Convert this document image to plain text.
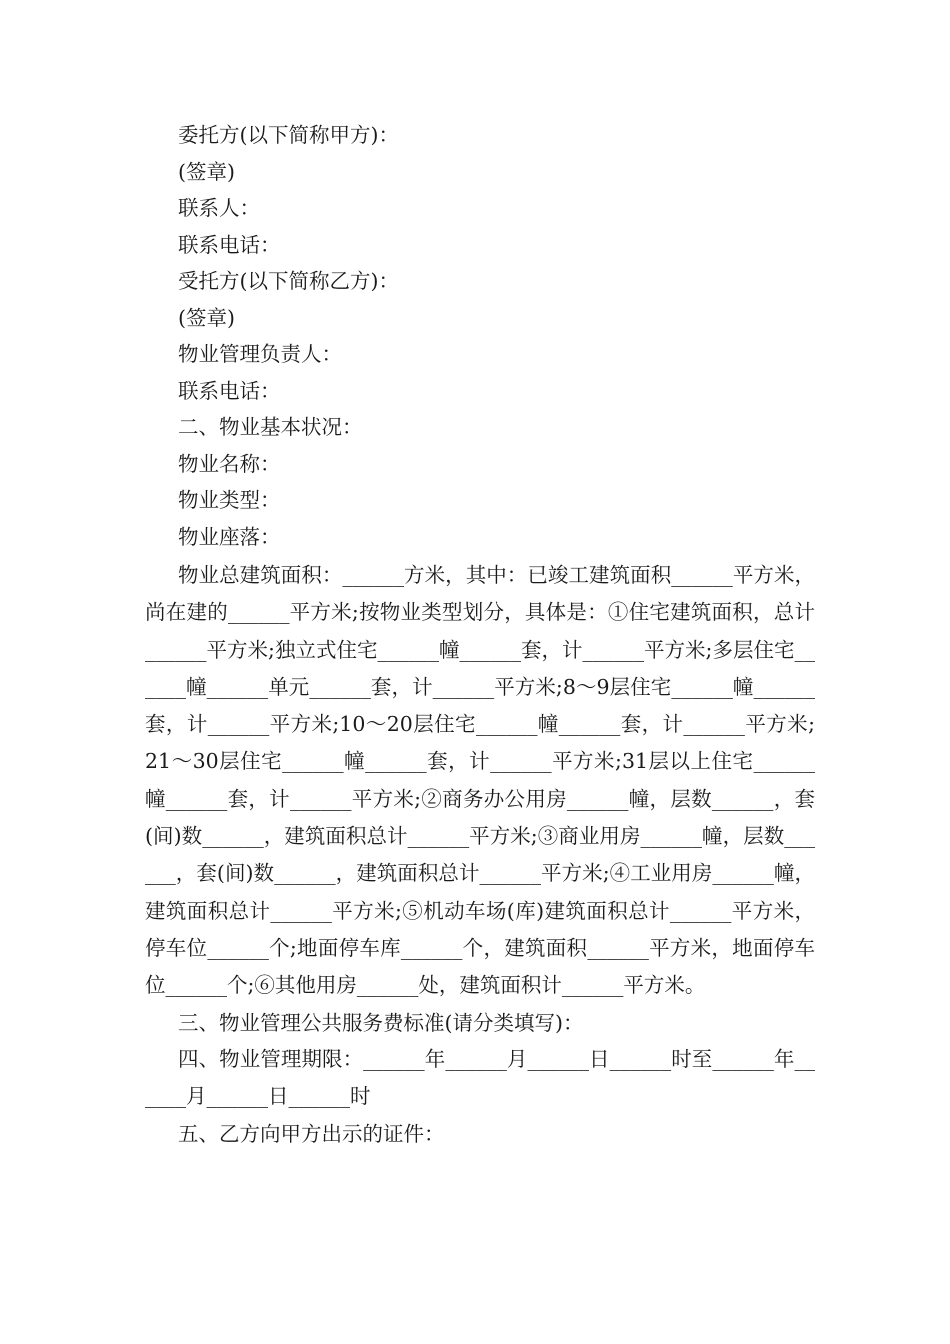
委托方(以下简称甲方)：
(签章)
联系人：
联系电话：
受托方(以下简称乙方)：
(签章)
物业管理负责人：
联系电话：
二、物业基本状况：
物业名称：
物业类型：
物业座落：

物业总建筑面积：______方米，其中：已竣工建筑面积______平方米，尚在建的______平方米;按物业类型划分，具体是：①住宅建筑面积，总计______平方米;独立式住宅______幢______套，计______平方米;多层住宅______幢______单元______套，计______平方米;8～9层住宅______幢______套，计______平方米;10～20层住宅______幢______套，计______平方米;21～30层住宅______幢______套，计______平方米;31层以上住宅______幢______套，计______平方米;②商务办公用房______幢，层数______，套(间)数______，建筑面积总计______平方米;③商业用房______幢，层数______，套(间)数______，建筑面积总计______平方米;④工业用房______幢，建筑面积总计______平方米;⑤机动车场(库)建筑面积总计______平方米，停车位______个;地面停车库______个，建筑面积______平方米，地面停车位______个;⑥其他用房______处，建筑面积计______平方米。

三、物业管理公共服务费标准(请分类填写)：

四、物业管理期限：______年______月______日______时至______年______月______日______时

五、乙方向甲方出示的证件：
